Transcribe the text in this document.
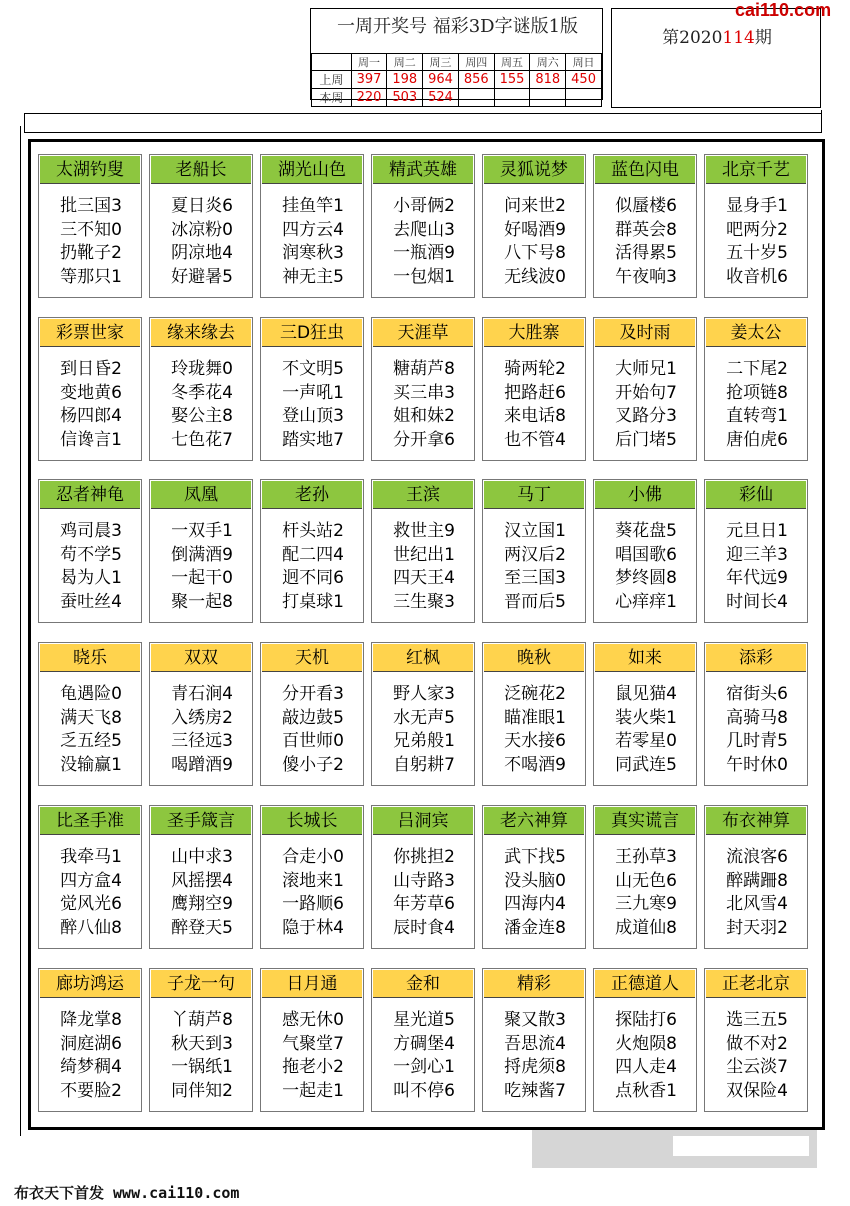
一周开奖号 福彩3D字谜版1版
	周一	周二	周三	周四	周五	周六	周日
上周	397	198	964	856	155	818	450
本周	220	503	524				
第2020114期
cai110.com
太湖钓叟
批三国3
三不知0
扔靴子2
等那只1
老船长
夏日炎6
冰凉粉0
阴凉地4
好避暑5
湖光山色
挂鱼竿1
四方云4
润寒秋3
神无主5
精武英雄
小哥俩2
去爬山3
一瓶酒9
一包烟1
灵狐说梦
问来世2
好喝酒9
八下号8
无线波0
蓝色闪电
似蜃楼6
群英会8
活得累5
午夜响3
北京千艺
显身手1
吧两分2
五十岁5
收音机6
彩票世家
到日昏2
变地黄6
杨四郎4
信谗言1
缘来缘去
玲珑舞0
冬季花4
娶公主8
七色花7
三D狂虫
不文明5
一声吼1
登山顶3
踏实地7
天涯草
糖葫芦8
买三串3
姐和妹2
分开拿6
大胜寨
骑两轮2
把路赶6
来电话8
也不管4
及时雨
大师兄1
开始句7
叉路分3
后门堵5
姜太公
二下尾2
抢项链8
直转弯1
唐伯虎6
忍者神龟
鸡司晨3
苟不学5
曷为人1
蚕吐丝4
凤凰
一双手1
倒满酒9
一起干0
聚一起8
老孙
杆头站2
配二四4
迥不同6
打桌球1
王滨
救世主9
世纪出1
四天王4
三生聚3
马丁
汉立国1
两汉后2
至三国3
晋而后5
小佛
葵花盘5
唱国歌6
梦终圆8
心痒痒1
彩仙
元旦日1
迎三羊3
年代远9
时间长4
晓乐
龟遇险0
满天飞8
乏五经5
没输赢1
双双
青石涧4
入绣房2
三径远3
喝蹭酒9
天机
分开看3
敲边鼓5
百世师0
傻小子2
红枫
野人家3
水无声5
兄弟般1
自躬耕7
晚秋
泛碗花2
瞄准眼1
天水接6
不喝酒9
如来
鼠见猫4
装火柴1
若零星0
同武连5
添彩
宿街头6
高骑马8
几时青5
午时休0
比圣手准
我牵马1
四方盒4
觉风光6
醉八仙8
圣手箴言
山中求3
风摇摆4
鹰翔空9
醉登天5
长城长
合走小0
滚地来1
一路顺6
隐于林4
吕洞宾
你挑担2
山寺路3
年芳草6
辰时食4
老六神算
武下找5
没头脑0
四海内4
潘金连8
真实谎言
王孙草3
山无色6
三九寒9
成道仙8
布衣神算
流浪客6
醉蹒跚8
北风雪4
封天羽2
廊坊鸿运
降龙掌8
洞庭湖6
绮梦稠4
不要脸2
子龙一句
丫葫芦8
秋天到3
一锅纸1
同伴知2
日月通
感无休0
气聚堂7
拖老小2
一起走1
金和
星光道5
方碉堡4
一剑心1
叫不停6
精彩
聚又散3
吾思流4
捋虎须8
吃辣酱7
正德道人
探陆打6
火炮陨8
四人走4
点秋香1
正老北京
选三五5
做不对2
尘云淡7
双保险4
布衣天下首发 www.cai110.com
